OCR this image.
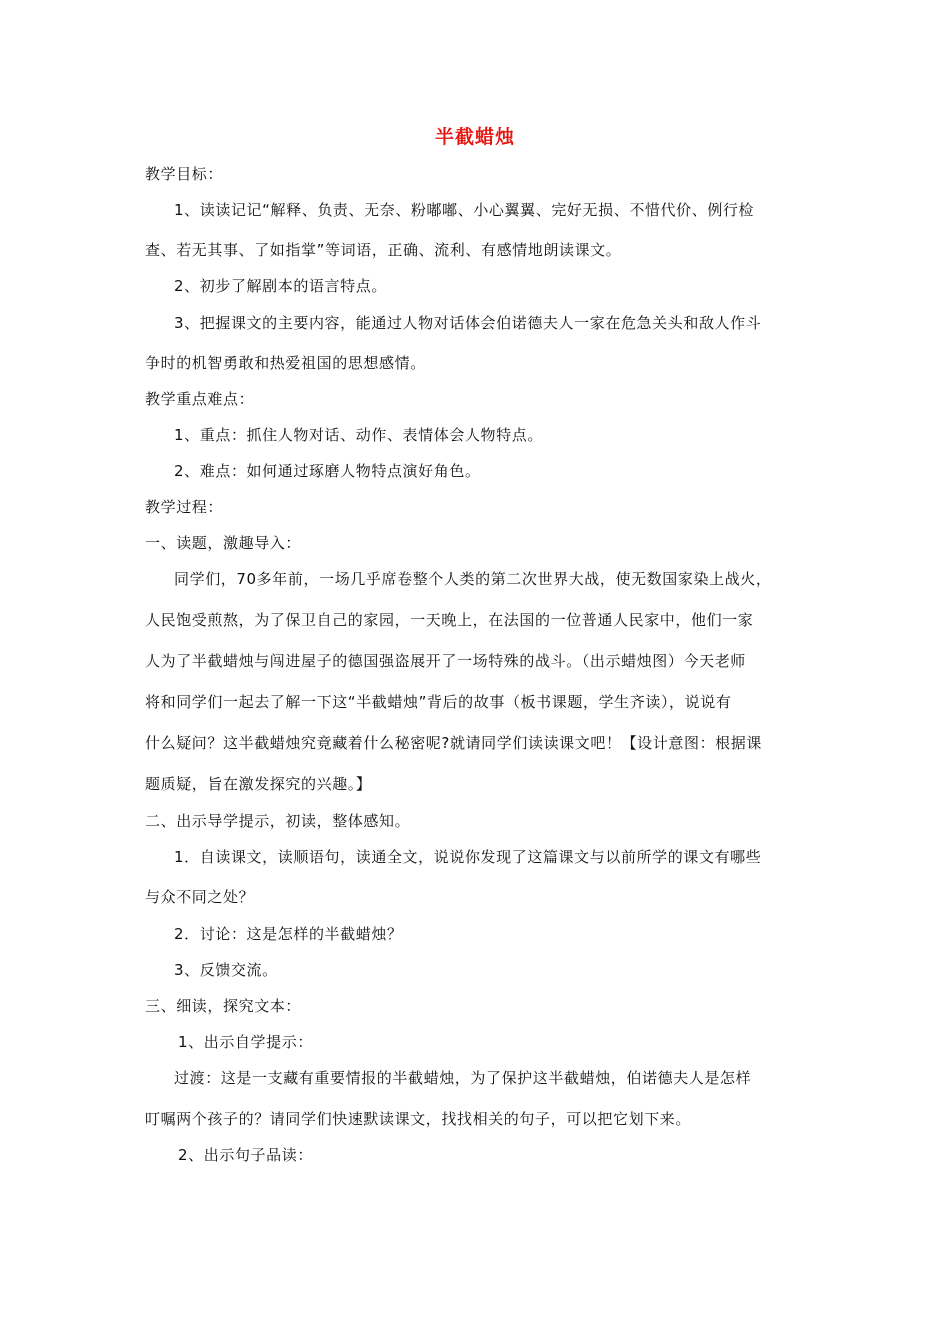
半截蜡烛
教学目标：
1、读读记记“解释、负责、无奈、粉嘟嘟、小心翼翼、完好无损、不惜代价、例行检
查、若无其事、了如指掌”等词语，正确、流利、有感情地朗读课文。
2、初步了解剧本的语言特点。
3、把握课文的主要内容，能通过人物对话体会伯诺德夫人一家在危急关头和敌人作斗
争时的机智勇敢和热爱祖国的思想感情。
教学重点难点：
1、重点：抓住人物对话、动作、表情体会人物特点。
2、难点：如何通过琢磨人物特点演好角色。
教学过程：
一、读题，激趣导入：
同学们，70多年前，一场几乎席卷整个人类的第二次世界大战，使无数国家染上战火，
人民饱受煎熬，为了保卫自己的家园，一天晚上，在法国的一位普通人民家中，他们一家
人为了半截蜡烛与闯进屋子的德国强盗展开了一场特殊的战斗。（出示蜡烛图）今天老师
将和同学们一起去了解一下这“半截蜡烛”背后的故事（板书课题，学生齐读），说说有
什么疑问？这半截蜡烛究竟藏着什么秘密呢?就请同学们读读课文吧！【设计意图：根据课
题质疑，旨在激发探究的兴趣。】
二、出示导学提示，初读，整体感知。
1．自读课文，读顺语句，读通全文，说说你发现了这篇课文与以前所学的课文有哪些
与众不同之处？
2．讨论：这是怎样的半截蜡烛？
3、反馈交流。
三、细读，探究文本：
1、出示自学提示：
过渡：这是一支藏有重要情报的半截蜡烛，为了保护这半截蜡烛，伯诺德夫人是怎样
叮嘱两个孩子的？请同学们快速默读课文，找找相关的句子，可以把它划下来。
2、出示句子品读：
